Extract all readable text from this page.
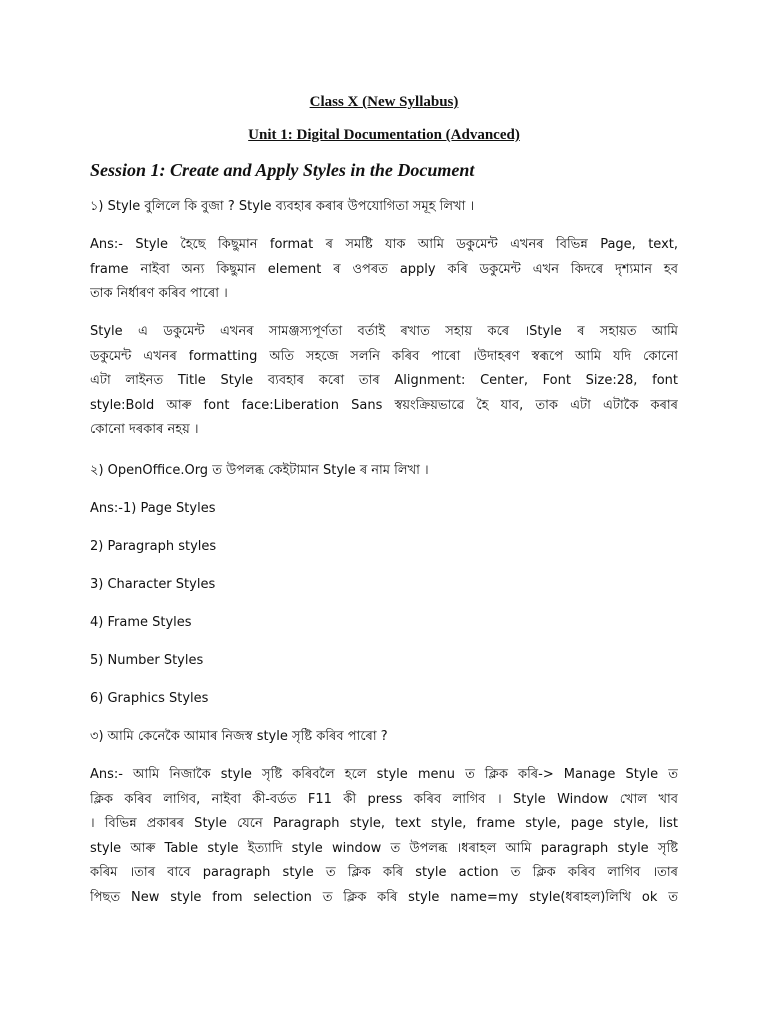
Class X (New Syllabus)
Unit 1: Digital Documentation (Advanced)
Session 1: Create and Apply Styles in the Document
১) Style বুলিলে কি বুজা ? Style ব্যবহাৰ কৰাৰ উপযোগিতা সমূহ লিখা ।
Ans:- Style হৈছে কিছুমান format ৰ সমষ্টি যাক আমি ডকুমেন্ট এখনৰ বিভিন্ন Page, text,
frame নাইবা অন্য কিছুমান element ৰ ওপৰত apply কৰি ডকুমেন্ট এখন কিদৰে দৃশ্যমান হব
তাক নিৰ্ধাৰণ কৰিব পাৰো ।
Style এ ডকুমেন্ট এখনৰ সামঞ্জস্যপূৰ্ণতা বৰ্তাই ৰখাত সহায় কৰে ।Style ৰ সহায়ত আমি
ডকুমেন্ট এখনৰ formatting অতি সহজে সলনি কৰিব পাৰো ।উদাহৰণ স্বৰূপে আমি যদি কোনো
এটা লাইনত Title Style ব্যবহাৰ কৰো তাৰ Alignment: Center, Font Size:28, font
style:Bold আৰু font face:Liberation Sans স্বয়ংক্ৰিয়ভাৱে হৈ যাব, তাক এটা এটাকৈ কৰাৰ
কোনো দৰকাৰ নহয় ।
২) OpenOffice.Org ত উপলব্ধ কেইটামান Style ৰ নাম লিখা ।
Ans:-1) Page Styles
2) Paragraph styles
3) Character Styles
4) Frame Styles
5) Number Styles
6) Graphics Styles
৩) আমি কেনেকৈ আমাৰ নিজস্ব style সৃষ্টি কৰিব পাৰো ?
Ans:- আমি নিজাকৈ style সৃষ্টি কৰিবলৈ হলে style menu ত ক্লিক কৰি-> Manage Style ত
ক্লিক কৰিব লাগিব, নাইবা কী-বৰ্ডত F11 কী press কৰিব লাগিব । Style Window খোল খাব
। বিভিন্ন প্ৰকাৰৰ Style যেনে Paragraph style, text style, frame style, page style, list
style আৰু Table style ইত্যাদি style window ত উপলব্ধ ।ধৰাহল আমি paragraph style সৃষ্টি
কৰিম ।তাৰ বাবে paragraph style ত ক্লিক কৰি style action ত ক্লিক কৰিব লাগিব ।তাৰ
পিছত New style from selection ত ক্লিক কৰি style name=my style(ধৰাহল)লিখি ok ত
